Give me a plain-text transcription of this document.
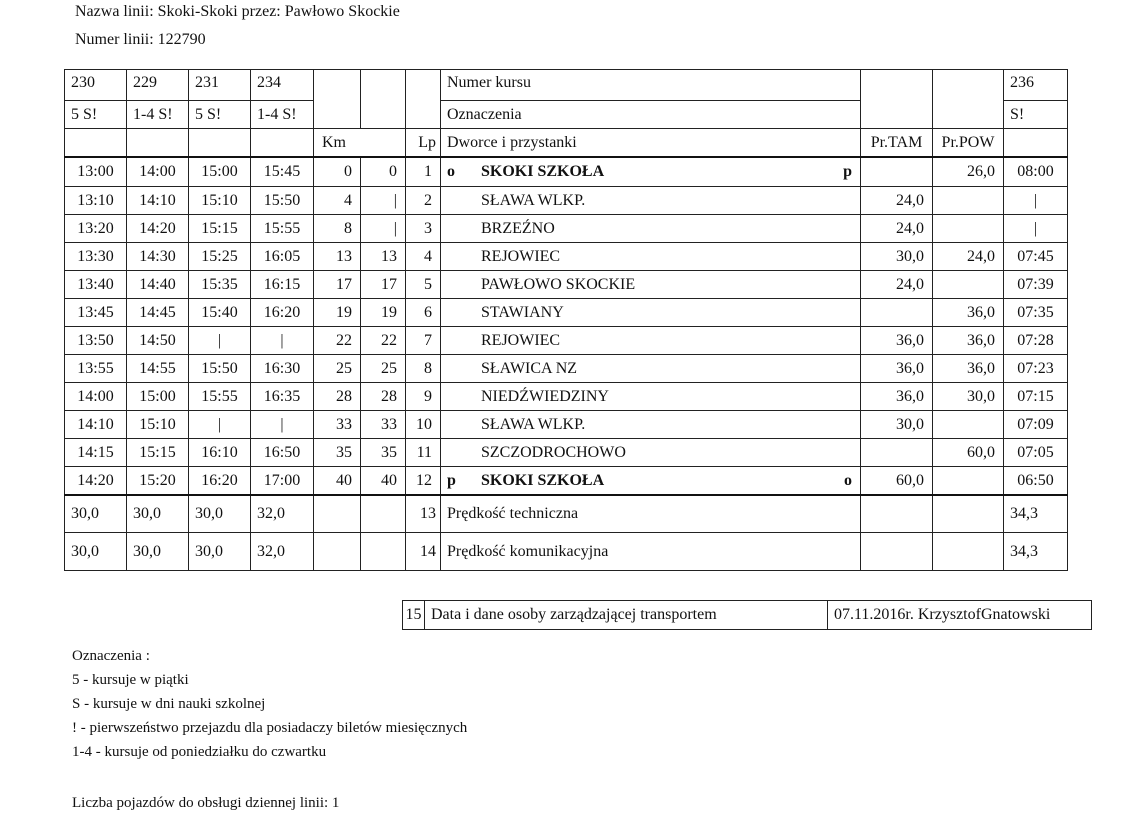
Nazwa linii: Skoki-Skoki przez: Pawłowo Skockie
Numer linii: 122790
230	229	231	234				Numer kursu			236
5 S!	1-4 S!	5 S!	1-4 S!				Oznaczenia			S!
				Km		Lp	Dworce i przystanki	Pr.TAM	Pr.POW	
13:00	14:00	15:00	15:45	0	0	1	o SKOKI SZKOŁA p		26,0	08:00
13:10	14:10	15:10	15:50	4	|	2	SŁAWA WLKP.	24,0		|
13:20	14:20	15:15	15:55	8	|	3	BRZEŹNO	24,0		|
13:30	14:30	15:25	16:05	13	13	4	REJOWIEC	30,0	24,0	07:45
13:40	14:40	15:35	16:15	17	17	5	PAWŁOWO SKOCKIE	24,0		07:39
13:45	14:45	15:40	16:20	19	19	6	STAWIANY		36,0	07:35
13:50	14:50	|	|	22	22	7	REJOWIEC	36,0	36,0	07:28
13:55	14:55	15:50	16:30	25	25	8	SŁAWICA NZ	36,0	36,0	07:23
14:00	15:00	15:55	16:35	28	28	9	NIEDŹWIEDZINY	36,0	30,0	07:15
14:10	15:10	|	|	33	33	10	SŁAWA WLKP.	30,0		07:09
14:15	15:15	16:10	16:50	35	35	11	SZCZODROCHOWO		60,0	07:05
14:20	15:20	16:20	17:00	40	40	12	p SKOKI SZKOŁA o	60,0		06:50
30,0	30,0	30,0	32,0			13	Prędkość techniczna			34,3
30,0	30,0	30,0	32,0			14	Prędkość komunikacyjna			34,3
15	Data i dane osoby zarządzającej transportem	07.11.2016r. KrzysztofGnatowski
Oznaczenia :
5 - kursuje w piątki
S - kursuje w dni nauki szkolnej
! - pierwszeństwo przejazdu dla posiadaczy biletów miesięcznych
1-4 - kursuje od poniedziałku do czwartku
Liczba pojazdów do obsługi dziennej linii: 1
